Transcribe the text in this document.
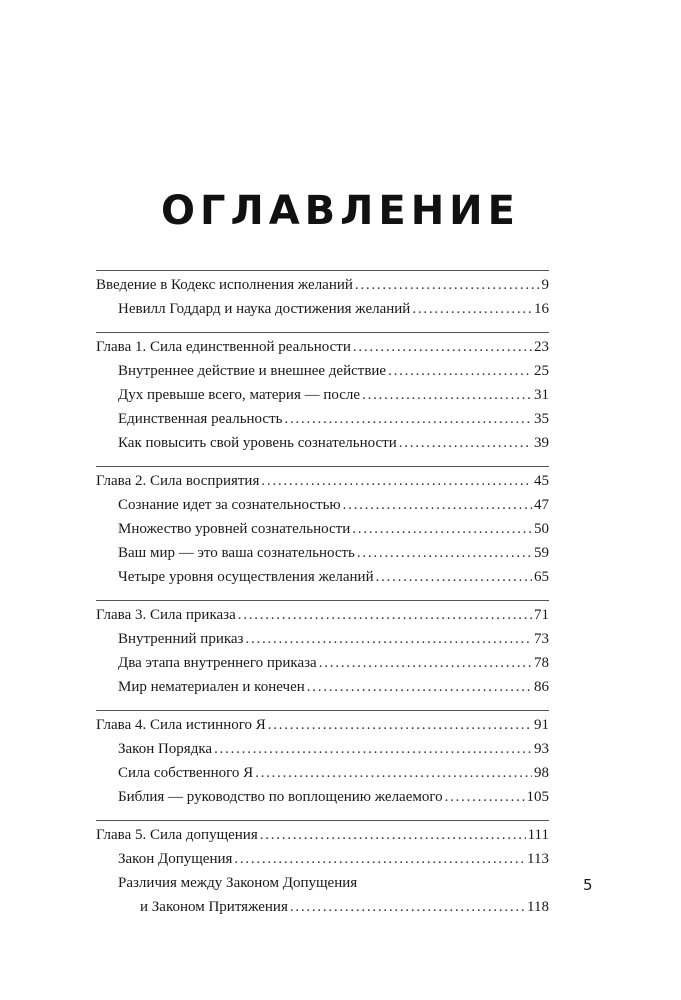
ОГЛАВЛЕНИЕ
Введение в Кодекс исполнения желаний . . .	9
Невилл Годдард и наука достижения желаний . . .	16
Глава 1. Сила единственной реальности . . .	23
Внутреннее действие и внешнее действие . . .	25
Дух превыше всего, материя — после . . .	31
Единственная реальность . . .	35
Как повысить свой уровень сознательности . . .	39
Глава 2. Сила восприятия . . .	45
Сознание идет за сознательностью . . .	47
Множество уровней сознательности . . .	50
Ваш мир — это ваша сознательность . . .	59
Четыре уровня осуществления желаний . . .	65
Глава 3. Сила приказа . . .	71
Внутренний приказ . . .	73
Два этапа внутреннего приказа . . .	78
Мир нематериален и конечен . . .	86
Глава 4. Сила истинного Я . . .	91
Закон Порядка . . .	93
Сила собственного Я . . .	98
Библия — руководство по воплощению желаемого . . .	105
Глава 5. Сила допущения . . .	111
Закон Допущения . . .	113
Различия между Законом Допущения
и Законом Притяжения . . .	118
5
